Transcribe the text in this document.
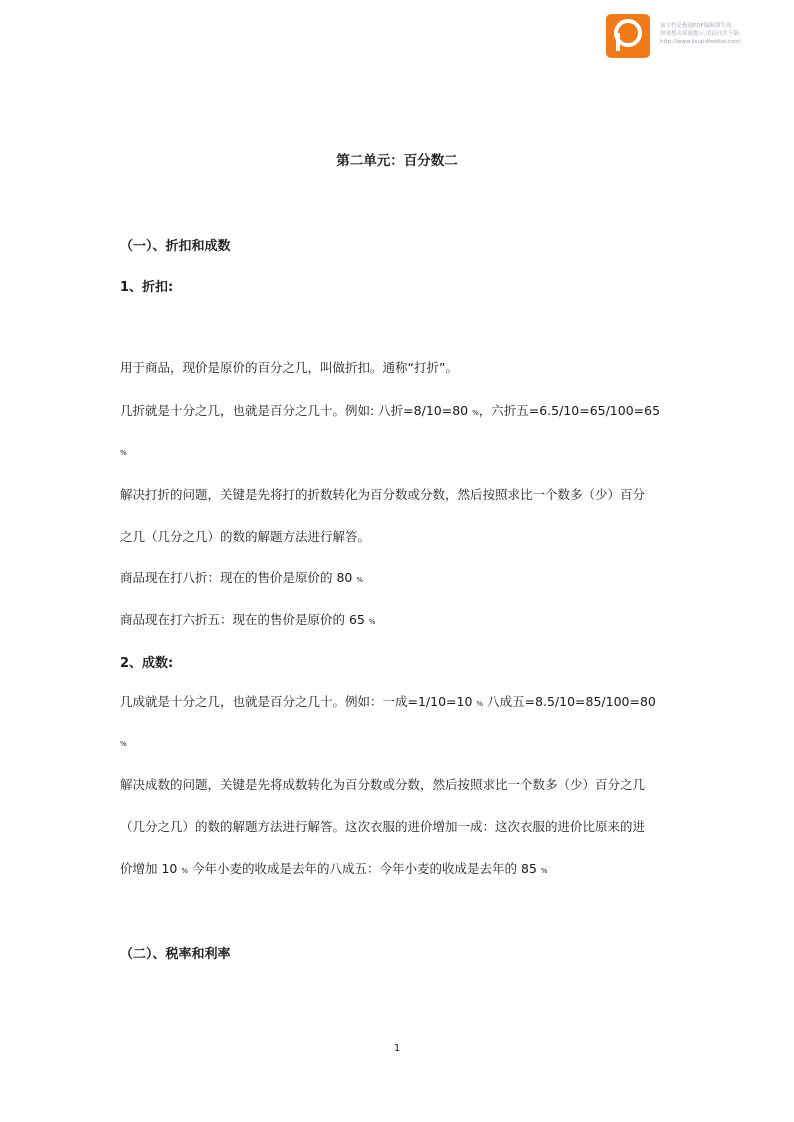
该文档是极速PDF编辑器生成,
如果想去掉该提示,请访问并下载:
http://www.jisupdfeditor.com/
第二单元：百分数二
（一）、折扣和成数
1、折扣:
用于商品，现价是原价的百分之几，叫做折扣。通称“打折”。
几折就是十分之几，也就是百分之几十。例如: 八折=8/10=80 %，六折五=6.5/10=65/100=65
%
解决打折的问题，关键是先将打的折数转化为百分数或分数，然后按照求比一个数多（少）百分
之几（几分之几）的数的解题方法进行解答。
商品现在打八折：现在的售价是原价的 80 %
商品现在打六折五：现在的售价是原价的 65 %
2、成数:
几成就是十分之几，也就是百分之几十。例如：一成=1/10=10 % 八成五=8.5/10=85/100=80
%
解决成数的问题，关键是先将成数转化为百分数或分数，然后按照求比一个数多（少）百分之几
（几分之几）的数的解题方法进行解答。这次衣服的进价增加一成：这次衣服的进价比原来的进
价增加 10 % 今年小麦的收成是去年的八成五：今年小麦的收成是去年的 85 %
（二）、税率和利率
1
